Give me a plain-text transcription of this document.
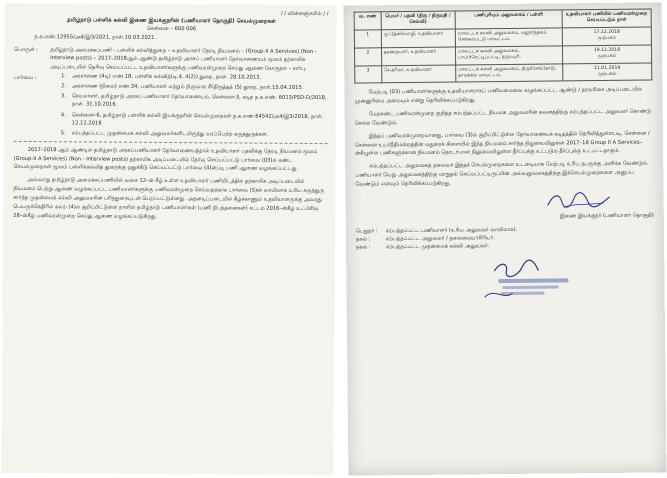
/ / வின்னஞ்சலில் / /
தமிழ்நாடு பள்ளிக் கல்வி இணை இயக்குநரின் (பணியாளர் தொகுதி) செயல்முறைகள்
சென்னை – 600 006
ந.க.எண்.12955/அ4/இ3/2021, நாள்.10.03.2021.
பொருள் :	தமிழ்நாடு அமைச்சுப்பணி - பள்ளிக் கல்வித்துறை – உதவியாளர் நேரடி நியமனம் – (Group-II A Services) (Non - Interview posts) – 2017–2018ஆம் ஆண்டு தமிழ்நாடு அரசுப் பணியாளர் தேர்வாணையம் மூலம் தற்காலிக அடிப்படையில் தெரிவு செய்யப்பட்ட உதவியாளர்களுக்கு பணிவரன்முறை செய்து ஆணை கோருதல் – சார்பு.
பார்வை :	1.	அரசாணை (4டி) எண்.18, பள்ளிக் கல்வித்(டி.4. 4(2)) துறை, நாள். 28.10.2013.
2.	அரசாணை (நிலை) எண்.34, பணியாளர் மற்றும் நிருவாக சீர்திருத்தத் (S) துறை, நாள்.15.04.2015.
3.	செயலாளர், தமிழ்நாடு அரசுப் பணியாளர் தேர்வாணையம், சென்னை-3, கடித ந.க.எண். 6013/PSD-D/2018, நாள். 31.10.2016.
4.	சென்னை–6, தமிழ்நாடு பள்ளிக் கல்வி இயக்குநரின் செயல்முறைகள் ந.க.எண்.64542/அ4/இ3/2018, நாள். 12.12.2018
5.	சம்பந்தப்பட்ட முதன்மைக் கல்வி அலுவலர்களிடமிருந்து வரப்பெற்ற கருத்துருக்கள்.
2017–2018 ஆம் ஆண்டில் தமிழ்நாடு அரசுப்பணியாளர் தேர்வாணையத்தால் உதவியாளர் பதவிக்கு நேரடி நியமனம் மூலம் (Group-II A Services) (Non - Interview posts) தற்காலிக அடிப்படையில் தேர்வு செய்யப்பட்டு பார்வை (03)ல் கண்ட செயல்முறைகள் மூலம் பள்ளிக்கல்வித் துறைக்கு ஒதுக்கீடு செய்யப்பட்டு பார்வை (4)ன்படி பணி ஆணை வழங்கப்பட்டது.
அவ்வாறு தமிழ்நாடு அமைச்சுப்பணியில் வகை 12–ன் கீழ் உள்ள உதவியாளர் பணியிடத்தில் தற்காலிக அடிப்படையில் நியமனம் பெற்று ஆணை வழங்கப்பட்ட பணியாளர்களுக்கு பணிவரன்முறை செய்வதற்காக பார்வை (5)ன் வாயிலாக உரிய கருத்துரு சார்ந்த முதன்மைக் கல்வி அலுவலரின் பரிந்துரையுடன் பெறப்பட்டுள்ளது. அதனடிப்படையில் கீழ்க்காணும் உதவியாளருக்கு அவரது பெயருக்கெதிரில் கலம் (4)ல் குறிப்பிட்டுள்ள நாளில் தமிழ்நாடு பணியாளர்கள் (பணி நிபந்தனைகள்) சட்டம் 2016–ன்கீழ் உட்பிரிவு 28–ன்கீழ் பணிவரன்முறை செய்து ஆணை வழங்கப்படுகிறது.
வ. எண்	பெயர் / பதவி (திரு / திருமதி / செல்வி)	பணிபுரியும் அலுவலகம் / பள்ளி	உதவியாளர் பணியில் பணிவரன்முறை செய்யப்படும் நாள்
1	மு.தேன்மொழி, உதவியாளர்	மாவட்டக் கல்வி அலுவலகம், மதுராந்தகம், செங்கல்பட்டு மாவட்டம்.	17.12.2018
முற்பகல்

2	தகன்மூமார், உதவியாளர்	மாவட்டக் கல்வி அலுவலகம், பாப்பிரெட்டிப்பட்டி, தருமபுரி.	19.12.2018
முற்பகல்

3	சே.தரிமா, உதவியாளர்	மாவட்டக் கல்வி அலுவலகம், திருச்செங்கோடு, நாமக்கல் மாவட்டம்.	11.01.2019
முற்பகல்
மேற்படி (03) பணியாளர்களுக்கு உதவியாளராகப் பணியமைவை வழங்கப்பட்ட ஆண்டு / தரவரிசை அடிப்படையில் முன்னுரிமை அமையும் என்று தெரிவிக்கப்படுகிறது.
மேற்கண்ட பணிவரன்முறை குறித்த சம்பந்தப்பட்ட நியமன அலுவலரின் கவனத்திற்கு சம்பந்தப்பட்ட அலுவலர் கொண்டு செல்ல வேண்டும்.
இந்தப் பணிவரன்முறையானது, பார்வை (3)ல் குறிப்பிட்டுள்ள தேர்வாணையக் கடிதத்தில் தெரிவித்துள்ளபடி, சென்னை / சென்னை உயர்நீதிமன்றத்தின் மதுரைக் கிளையில் இந்த நியமனம் சார்ந்த நிலுவையிலுள்ள 2017–18 Group II A Services–ன்கீழுள்ள பணிகளுக்கான நியமனம் தொடர்பான நிலுவையிலுள்ள தீர்ப்புக்கு உட்படும் தீர்ப்புக்கு உட்பட்டதாகும்.
சம்பந்தப்பட்ட அலுவலகத் தலைவர் இந்தச் செயல்முறைகளை உடனடியாக மேற்படி உரிய நபருக்கு அளிக்க வேண்டும். பணியாளர் வேறு அலுவலகத்திற்கு மாறுதல் செய்யப்பட்டிருப்பின் அவ்வலுவலகத்திற்கு இச்செயல்முறைகளை அனுப்ப வேண்டும் எனவும் தெரிவிக்கப்படுகிறது.
இணை இயக்குநர் (பணியாளர் தொகுதி)
பெறுநர் :	சம்பந்தப்பட்ட பணியாளர் (உரிய அலுவலர் வாயிலாக).
நகல் :	சம்பந்தப்பட்ட அலுவலர் / தலைமையாசிரியர்.
நகல் :	சம்பந்தப்பட்ட முதன்மைக் கல்வி அலுவலர்.
